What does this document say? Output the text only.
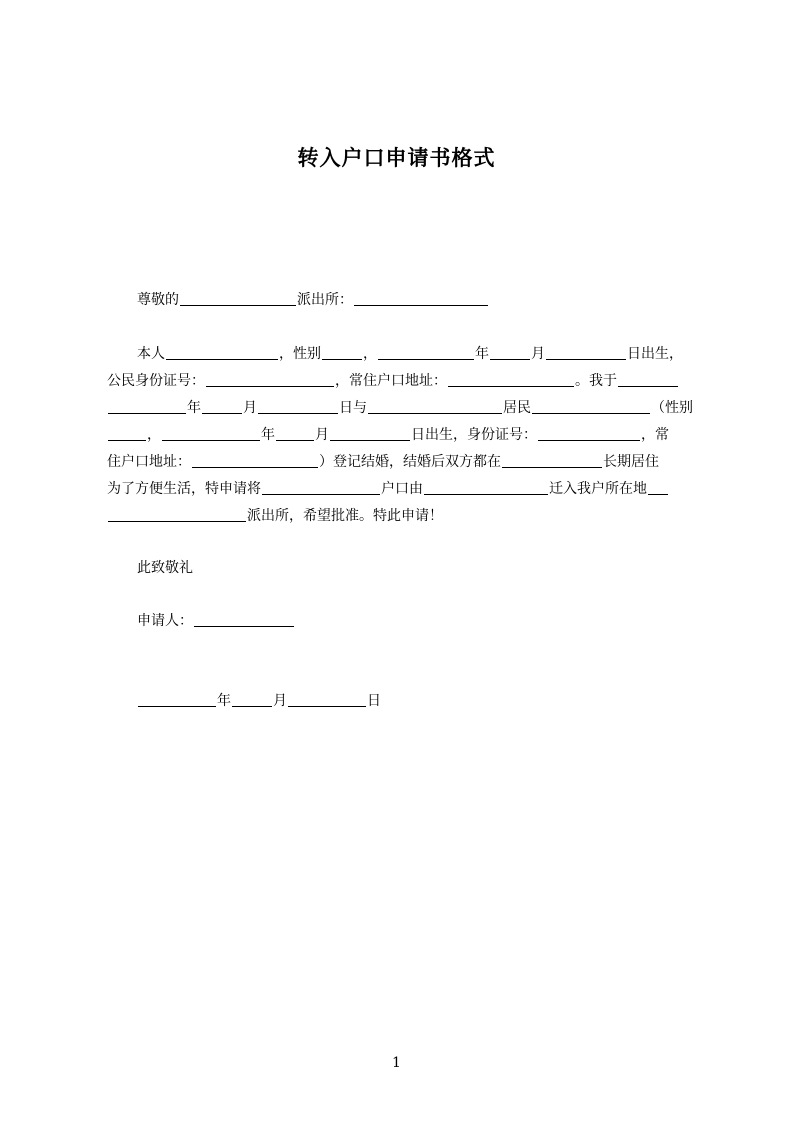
转入户口申请书格式
尊敬的	派出所：
本人	，性别	，	年	月	日出生，
公民身份证号：	，常住户口地址：	。我于
年	月	日与	居民	（性别
，	年	月	日出生，身份证号：	，常
住户口地址：	）登记结婚，结婚后双方都在	长期居住
为了方便生活，特申请将	户口由	迁入我户所在地
派出所，希望批准。特此申请！
此致敬礼
申请人：
年	月	日
1
